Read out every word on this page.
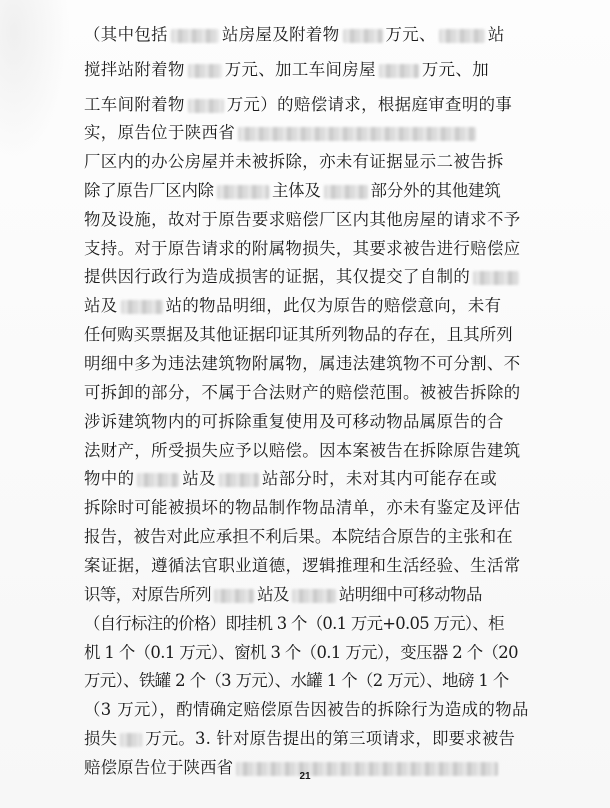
（其中包括	站房屋及附着物	万元、	站
搅拌站附着物 万元、加工车间房屋	万元、加
工车间附着物	万元）的赔偿请求，根据庭审查明的事
实，原告位于陕西省
厂区内的办公房屋并未被拆除，亦未有证据显示二被告拆
除了原告厂区内除	主体及	部分外的其他建筑
物及设施，故对于原告要求赔偿厂区内其他房屋的请求不予
支持。对于原告请求的附属物损失，其要求被告进行赔偿应
提供因行政行为造成损害的证据，其仅提交了自制的
站及	站的物品明细，此仅为原告的赔偿意向，未有
任何购买票据及其他证据印证其所列物品的存在，且其所列
明细中多为违法建筑物附属物，属违法建筑物不可分割、不
可拆卸的部分，不属于合法财产的赔偿范围。被被告拆除的
涉诉建筑物内的可拆除重复使用及可移动物品属原告的合
法财产，所受损失应予以赔偿。因本案被告在拆除原告建筑
物中的	站及	站部分时，未对其内可能存在或
拆除时可能被损坏的物品制作物品清单，亦未有鉴定及评估
报告，被告对此应承担不利后果。本院结合原告的主张和在
案证据，遵循法官职业道德，逻辑推理和生活经验、生活常
识等，对原告所列	站及	站明细中可移动物品
（自行标注的价格）即挂机 3 个（0.1 万元+0.05 万元）、柜
机 1 个（0.1 万元）、窗机 3 个（0.1 万元），变压器 2 个（20
万元）、铁罐 2 个（3 万元）、水罐 1 个（2 万元）、地磅 1 个
（3 万元），酌情确定赔偿原告因被告的拆除行为造成的物品
损失 万元。3. 针对原告提出的第三项请求，即要求被告
赔偿原告位于陕西省	21
